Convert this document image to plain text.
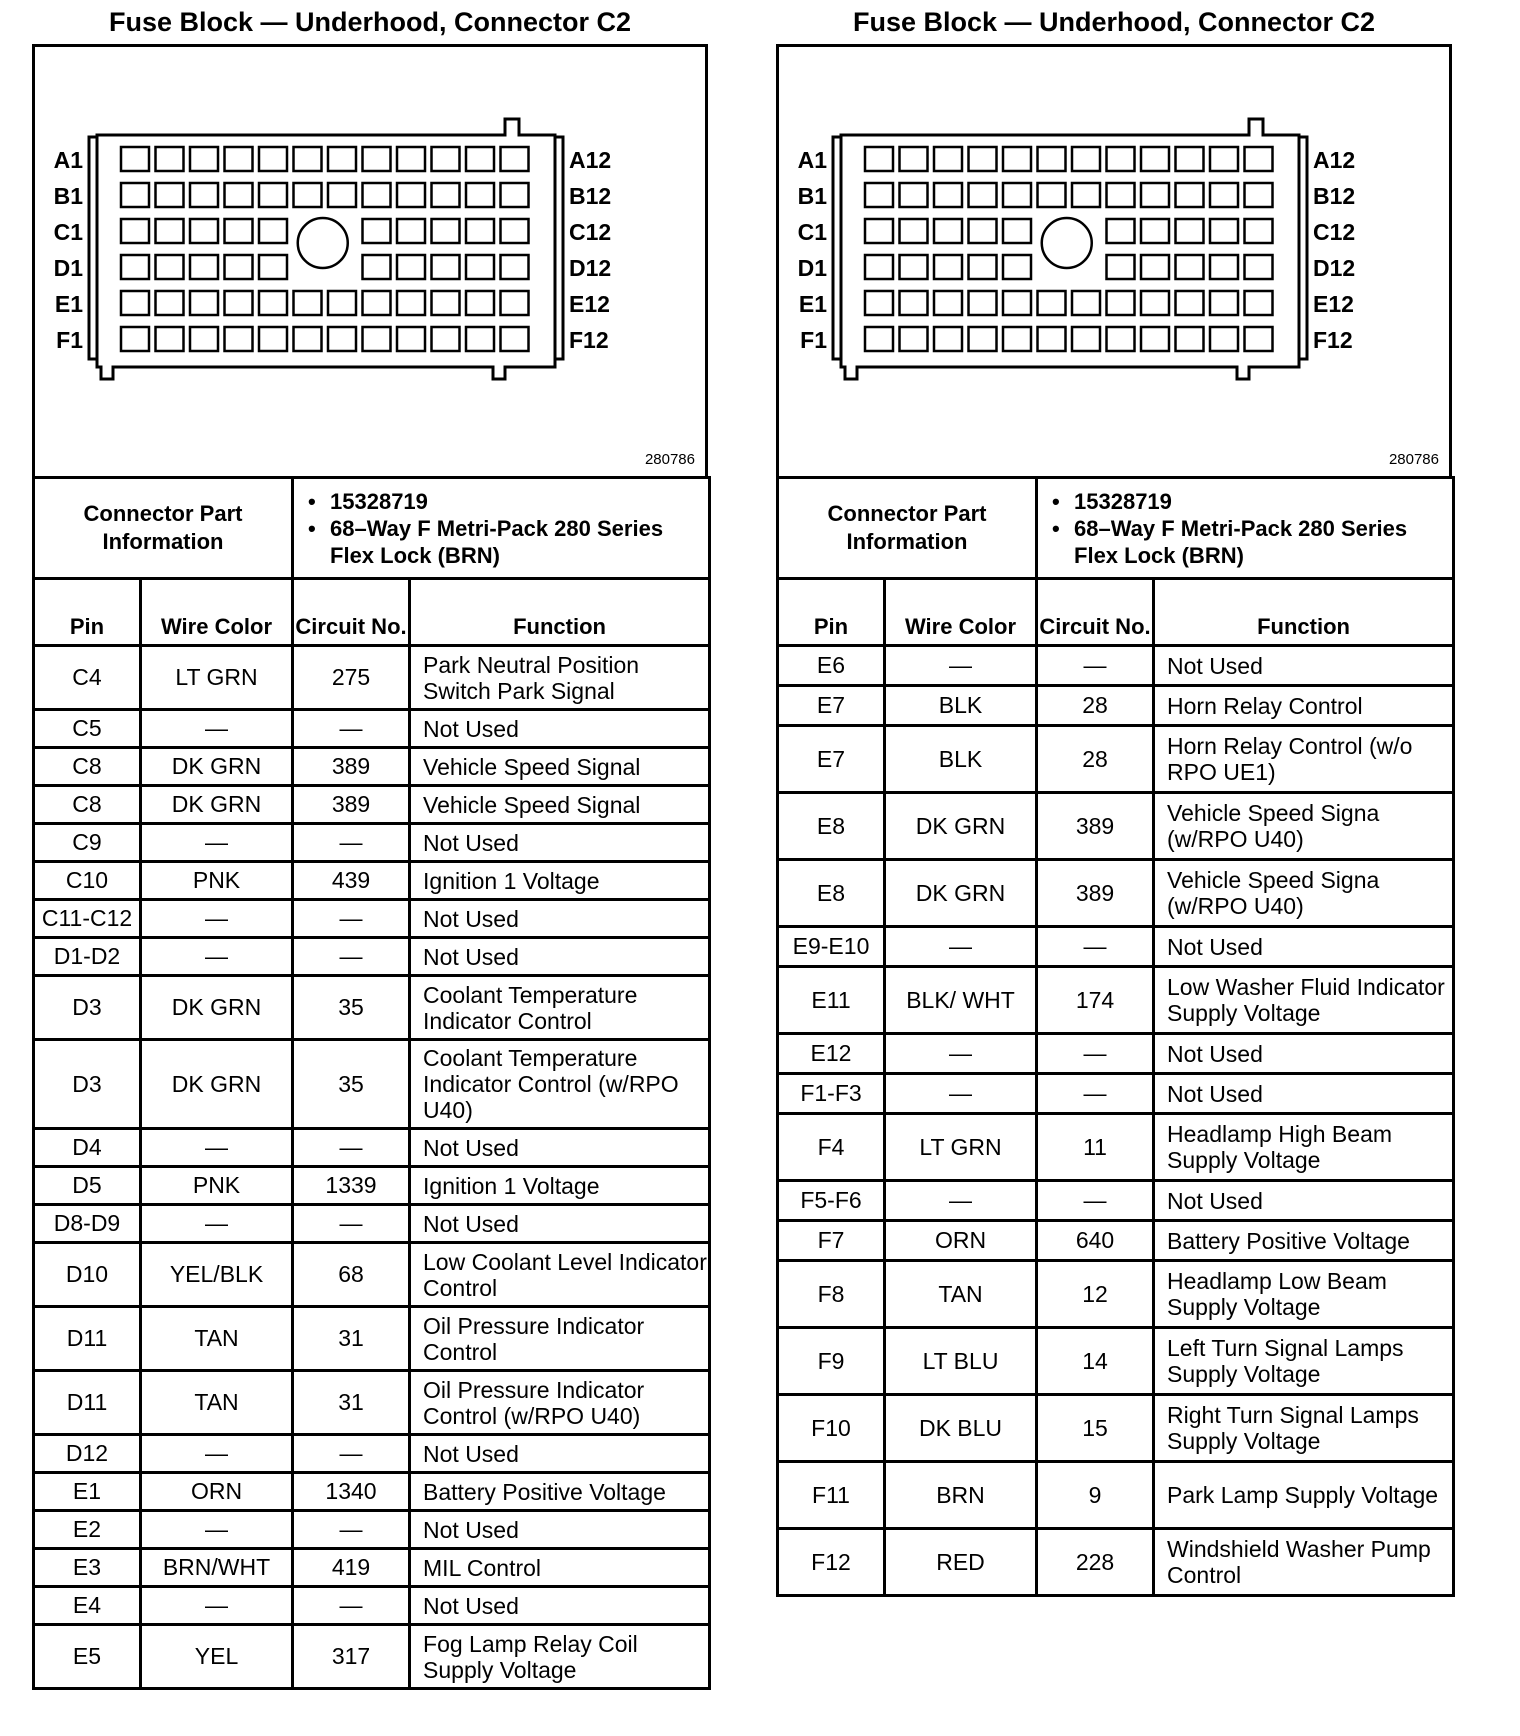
Fuse Block — Underhood, Connector C2
A1	A12
B1	B12
C1	C12
D1	D12
E1	E12
F1	F12
280786
Connector Part Information		• 15328719
• 68–Way F Metri-Pack 280 Series Flex Lock (BRN)	

Pin	Wire Color	Circuit No.	Function
C4	LT GRN	275	Park Neutral Position Switch Park Signal
C5	—	—	Not Used
C8	DK GRN	389	Vehicle Speed Signal
C8	DK GRN	389	Vehicle Speed Signal
C9	—	—	Not Used
C10	PNK	439	Ignition 1 Voltage
C11-C12	—	—	Not Used
D1-D2	—	—	Not Used
D3	DK GRN	35	Coolant Temperature Indicator Control
D3	DK GRN	35	Coolant Temperature Indicator Control (w/RPO U40)
D4	—	—	Not Used
D5	PNK	1339	Ignition 1 Voltage
D8-D9	—	—	Not Used
D10	YEL/BLK	68	Low Coolant Level Indicator Control
D11	TAN	31	Oil Pressure Indicator Control
D11	TAN	31	Oil Pressure Indicator Control (w/RPO U40)
D12	—	—	Not Used
E1	ORN	1340	Battery Positive Voltage
E2	—	—	Not Used
E3	BRN/WHT	419	MIL Control
E4	—	—	Not Used
E5	YEL	317	Fog Lamp Relay Coil Supply Voltage
Fuse Block — Underhood, Connector C2
A1	A12
B1	B12
C1	C12
D1	D12
E1	E12
F1	F12
280786
Connector Part Information		• 15328719
• 68–Way F Metri-Pack 280 Series Flex Lock (BRN)	

Pin	Wire Color	Circuit No.	Function
E6	—	—	Not Used
E7	BLK	28	Horn Relay Control
E7	BLK	28	Horn Relay Control (w/o RPO UE1)
E8	DK GRN	389	Vehicle Speed Signa (w/RPO U40)
E8	DK GRN	389	Vehicle Speed Signa (w/RPO U40)
E9-E10	—	—	Not Used
E11	BLK/ WHT	174	Low Washer Fluid Indicator Supply Voltage
E12	—	—	Not Used
F1-F3	—	—	Not Used
F4	LT GRN	11	Headlamp High Beam Supply Voltage
F5-F6	—	—	Not Used
F7	ORN	640	Battery Positive Voltage
F8	TAN	12	Headlamp Low Beam Supply Voltage
F9	LT BLU	14	Left Turn Signal Lamps Supply Voltage
F10	DK BLU	15	Right Turn Signal Lamps Supply Voltage
F11	BRN	9	Park Lamp Supply Voltage
F12	RED	228	Windshield Washer Pump Control
